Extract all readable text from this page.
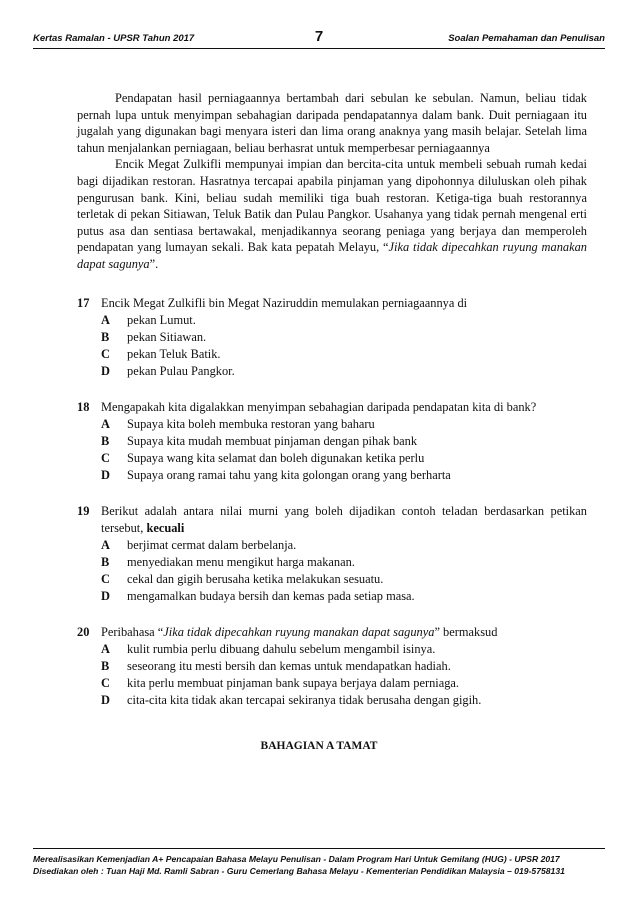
Kertas Ramalan - UPSR Tahun 2017	7	Soalan Pemahaman dan Penulisan

Pendapatan hasil perniagaannya bertambah dari sebulan ke sebulan. Namun, beliau tidak pernah lupa untuk menyimpan sebahagian daripada pendapatannya dalam bank. Duit perniagaan itu jugalah yang digunakan bagi menyara isteri dan lima orang anaknya yang masih belajar. Setelah lima tahun menjalankan perniagaan, beliau berhasrat untuk memperbesar perniagaannya

Encik Megat Zulkifli mempunyai impian dan bercita-cita untuk membeli sebuah rumah kedai bagi dijadikan restoran. Hasratnya tercapai apabila pinjaman yang dipohonnya diluluskan oleh pihak pengurusan bank. Kini, beliau sudah memiliki tiga buah restoran. Ketiga-tiga buah restorannya terletak di pekan Sitiawan, Teluk Batik dan Pulau Pangkor. Usahanya yang tidak pernah mengenal erti putus asa dan sentiasa bertawakal, menjadikannya seorang peniaga yang berjaya dan memperoleh pendapatan yang lumayan sekali. Bak kata pepatah Melayu, “Jika tidak dipecahkan ruyung manakan dapat sagunya”.

17 Encik Megat Zulkifli bin Megat Naziruddin memulakan perniagaannya di
A pekan Lumut.
B pekan Sitiawan.
C pekan Teluk Batik.
D pekan Pulau Pangkor.
18 Mengapakah kita digalakkan menyimpan sebahagian daripada pendapatan kita di bank?
A Supaya kita boleh membuka restoran yang baharu
B Supaya kita mudah membuat pinjaman dengan pihak bank
C Supaya wang kita selamat dan boleh digunakan ketika perlu
D Supaya orang ramai tahu yang kita golongan orang yang berharta
19 Berikut adalah antara nilai murni yang boleh dijadikan contoh teladan berdasarkan petikan tersebut, kecuali
A berjimat cermat dalam berbelanja.
B menyediakan menu mengikut harga makanan.
C cekal dan gigih berusaha ketika melakukan sesuatu.
D mengamalkan budaya bersih dan kemas pada setiap masa.
20 Peribahasa “Jika tidak dipecahkan ruyung manakan dapat sagunya” bermaksud
A kulit rumbia perlu dibuang dahulu sebelum mengambil isinya.
B seseorang itu mesti bersih dan kemas untuk mendapatkan hadiah.
C kita perlu membuat pinjaman bank supaya berjaya dalam perniaga.
D cita-cita kita tidak akan tercapai sekiranya tidak berusaha dengan gigih.
BAHAGIAN A TAMAT
Merealisasikan Kemenjadian A+ Pencapaian Bahasa Melayu Penulisan - Dalam Program Hari Untuk Gemilang (HUG) - UPSR 2017
Disediakan oleh : Tuan Haji Md. Ramli Sabran - Guru Cemerlang Bahasa Melayu - Kementerian Pendidikan Malaysia – 019-5758131
